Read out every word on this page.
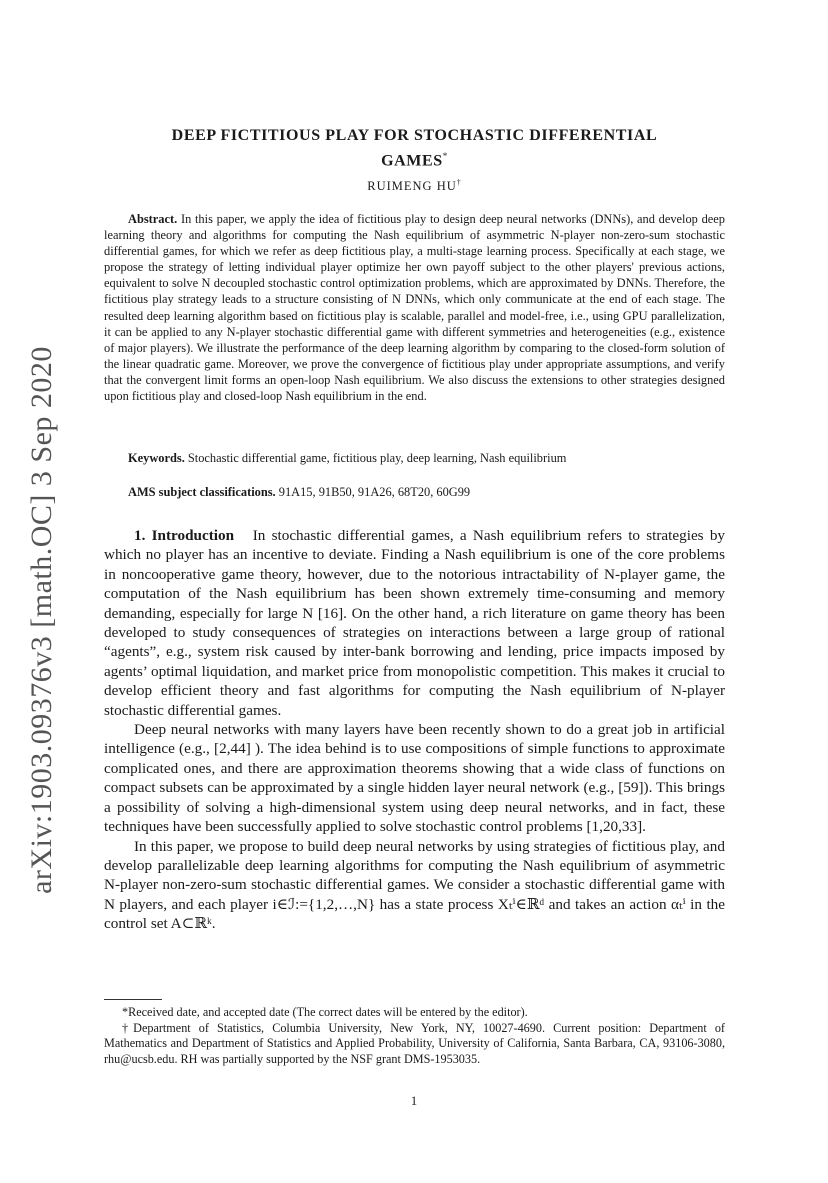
arXiv:1903.09376v3 [math.OC] 3 Sep 2020
DEEP FICTITIOUS PLAY FOR STOCHASTIC DIFFERENTIAL
GAMES*
RUIMENG HU†
Abstract. In this paper, we apply the idea of fictitious play to design deep neural networks (DNNs), and develop deep learning theory and algorithms for computing the Nash equilibrium of asymmetric N-player non-zero-sum stochastic differential games, for which we refer as deep fictitious play, a multi-stage learning process. Specifically at each stage, we propose the strategy of letting individual player optimize her own payoff subject to the other players' previous actions, equivalent to solve N decoupled stochastic control optimization problems, which are approximated by DNNs. Therefore, the fictitious play strategy leads to a structure consisting of N DNNs, which only communicate at the end of each stage. The resulted deep learning algorithm based on fictitious play is scalable, parallel and model-free, i.e., using GPU parallelization, it can be applied to any N-player stochastic differential game with different symmetries and heterogeneities (e.g., existence of major players). We illustrate the performance of the deep learning algorithm by comparing to the closed-form solution of the linear quadratic game. Moreover, we prove the convergence of fictitious play under appropriate assumptions, and verify that the convergent limit forms an open-loop Nash equilibrium. We also discuss the extensions to other strategies designed upon fictitious play and closed-loop Nash equilibrium in the end.
Keywords. Stochastic differential game, fictitious play, deep learning, Nash equilibrium
AMS subject classifications. 91A15, 91B50, 91A26, 68T20, 60G99

1. Introduction In stochastic differential games, a Nash equilibrium refers to strategies by which no player has an incentive to deviate. Finding a Nash equilibrium is one of the core problems in noncooperative game theory, however, due to the notorious intractability of N-player game, the computation of the Nash equilibrium has been shown extremely time-consuming and memory demanding, especially for large N [16]. On the other hand, a rich literature on game theory has been developed to study consequences of strategies on interactions between a large group of rational “agents”, e.g., system risk caused by inter-bank borrowing and lending, price impacts imposed by agents’ optimal liquidation, and market price from monopolistic competition. This makes it crucial to develop efficient theory and fast algorithms for computing the Nash equilibrium of N-player stochastic differential games.

Deep neural networks with many layers have been recently shown to do a great job in artificial intelligence (e.g., [2,44] ). The idea behind is to use compositions of simple functions to approximate complicated ones, and there are approximation theorems showing that a wide class of functions on compact subsets can be approximated by a single hidden layer neural network (e.g., [59]). This brings a possibility of solving a high-dimensional system using deep neural networks, and in fact, these techniques have been successfully applied to solve stochastic control problems [1,20,33].

In this paper, we propose to build deep neural networks by using strategies of fictitious play, and develop parallelizable deep learning algorithms for computing the Nash equilibrium of asymmetric N-player non-zero-sum stochastic differential games. We consider a stochastic differential game with N players, and each player i∈ℐ:={1,2,…,N} has a state process Xₜⁱ∈ℝᵈ and takes an action αₜⁱ in the control set A⊂ℝᵏ.

*Received date, and accepted date (The correct dates will be entered by the editor).
†Department of Statistics, Columbia University, New York, NY, 10027-4690. Current position: Department of Mathematics and Department of Statistics and Applied Probability, University of California, Santa Barbara, CA, 93106-3080, rhu@ucsb.edu. RH was partially supported by the NSF grant DMS-1953035.
1
